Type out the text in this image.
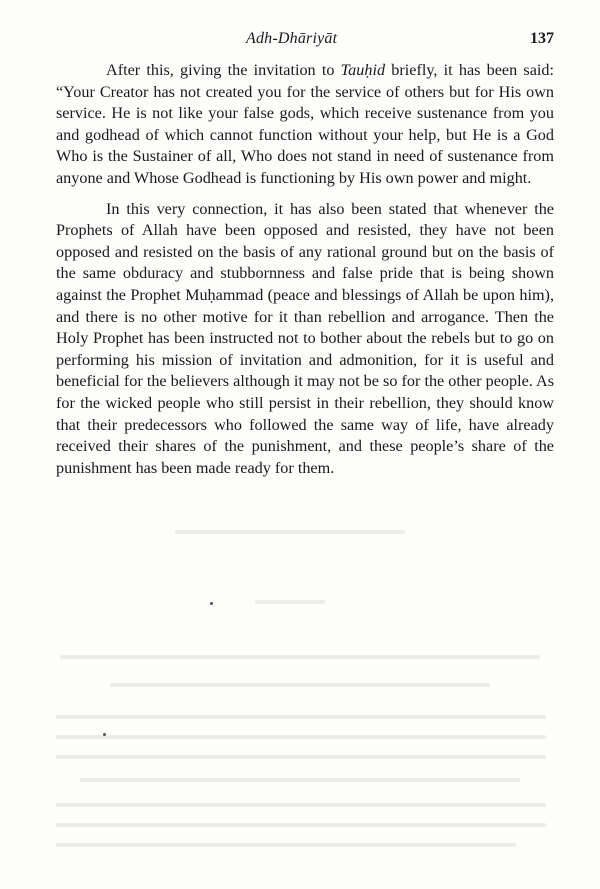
Adh-Dhāriyāt	137

After this, giving the invitation to Tauḥid briefly, it has been said: “Your Creator has not created you for the service of others but for His own service. He is not like your false gods, which receive sustenance from you and godhead of which cannot function without your help, but He is a God Who is the Sustainer of all, Who does not stand in need of sustenance from anyone and Whose Godhead is functioning by His own power and might.

In this very connection, it has also been stated that whenever the Prophets of Allah have been opposed and resisted, they have not been opposed and resisted on the basis of any rational ground but on the basis of the same obduracy and stubbornness and false pride that is being shown against the Prophet Muḥammad (peace and blessings of Allah be upon him), and there is no other motive for it than rebellion and arrogance. Then the Holy Prophet has been instructed not to bother about the rebels but to go on performing his mission of invitation and admonition, for it is useful and beneficial for the believers although it may not be so for the other people. As for the wicked people who still persist in their rebellion, they should know that their predecessors who followed the same way of life, have already received their shares of the punishment, and these people’s share of the punishment has been made ready for them.
